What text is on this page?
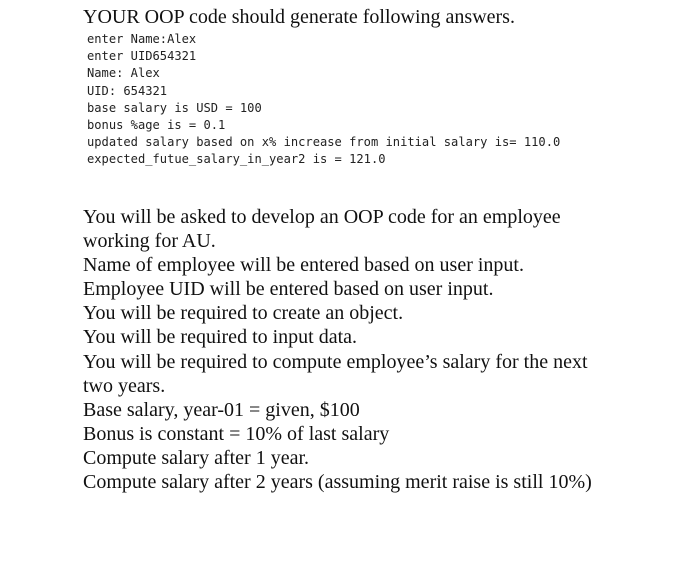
YOUR OOP code should generate following answers.
enter Name:Alex
enter UID654321
Name: Alex
UID: 654321
base salary is USD = 100
bonus %age is = 0.1
updated salary based on x% increase from initial salary is= 110.0
expected_futue_salary_in_year2 is = 121.0
You will be asked to develop an OOP code for an employee
working for AU.
Name of employee will be entered based on user input.
Employee UID will be entered based on user input.
You will be required to create an object.
You will be required to input data.
You will be required to compute employee’s salary for the next
two years.
Base salary, year-01 = given, $100
Bonus is constant = 10% of last salary
Compute salary after 1 year.
Compute salary after 2 years (assuming merit raise is still 10%)
